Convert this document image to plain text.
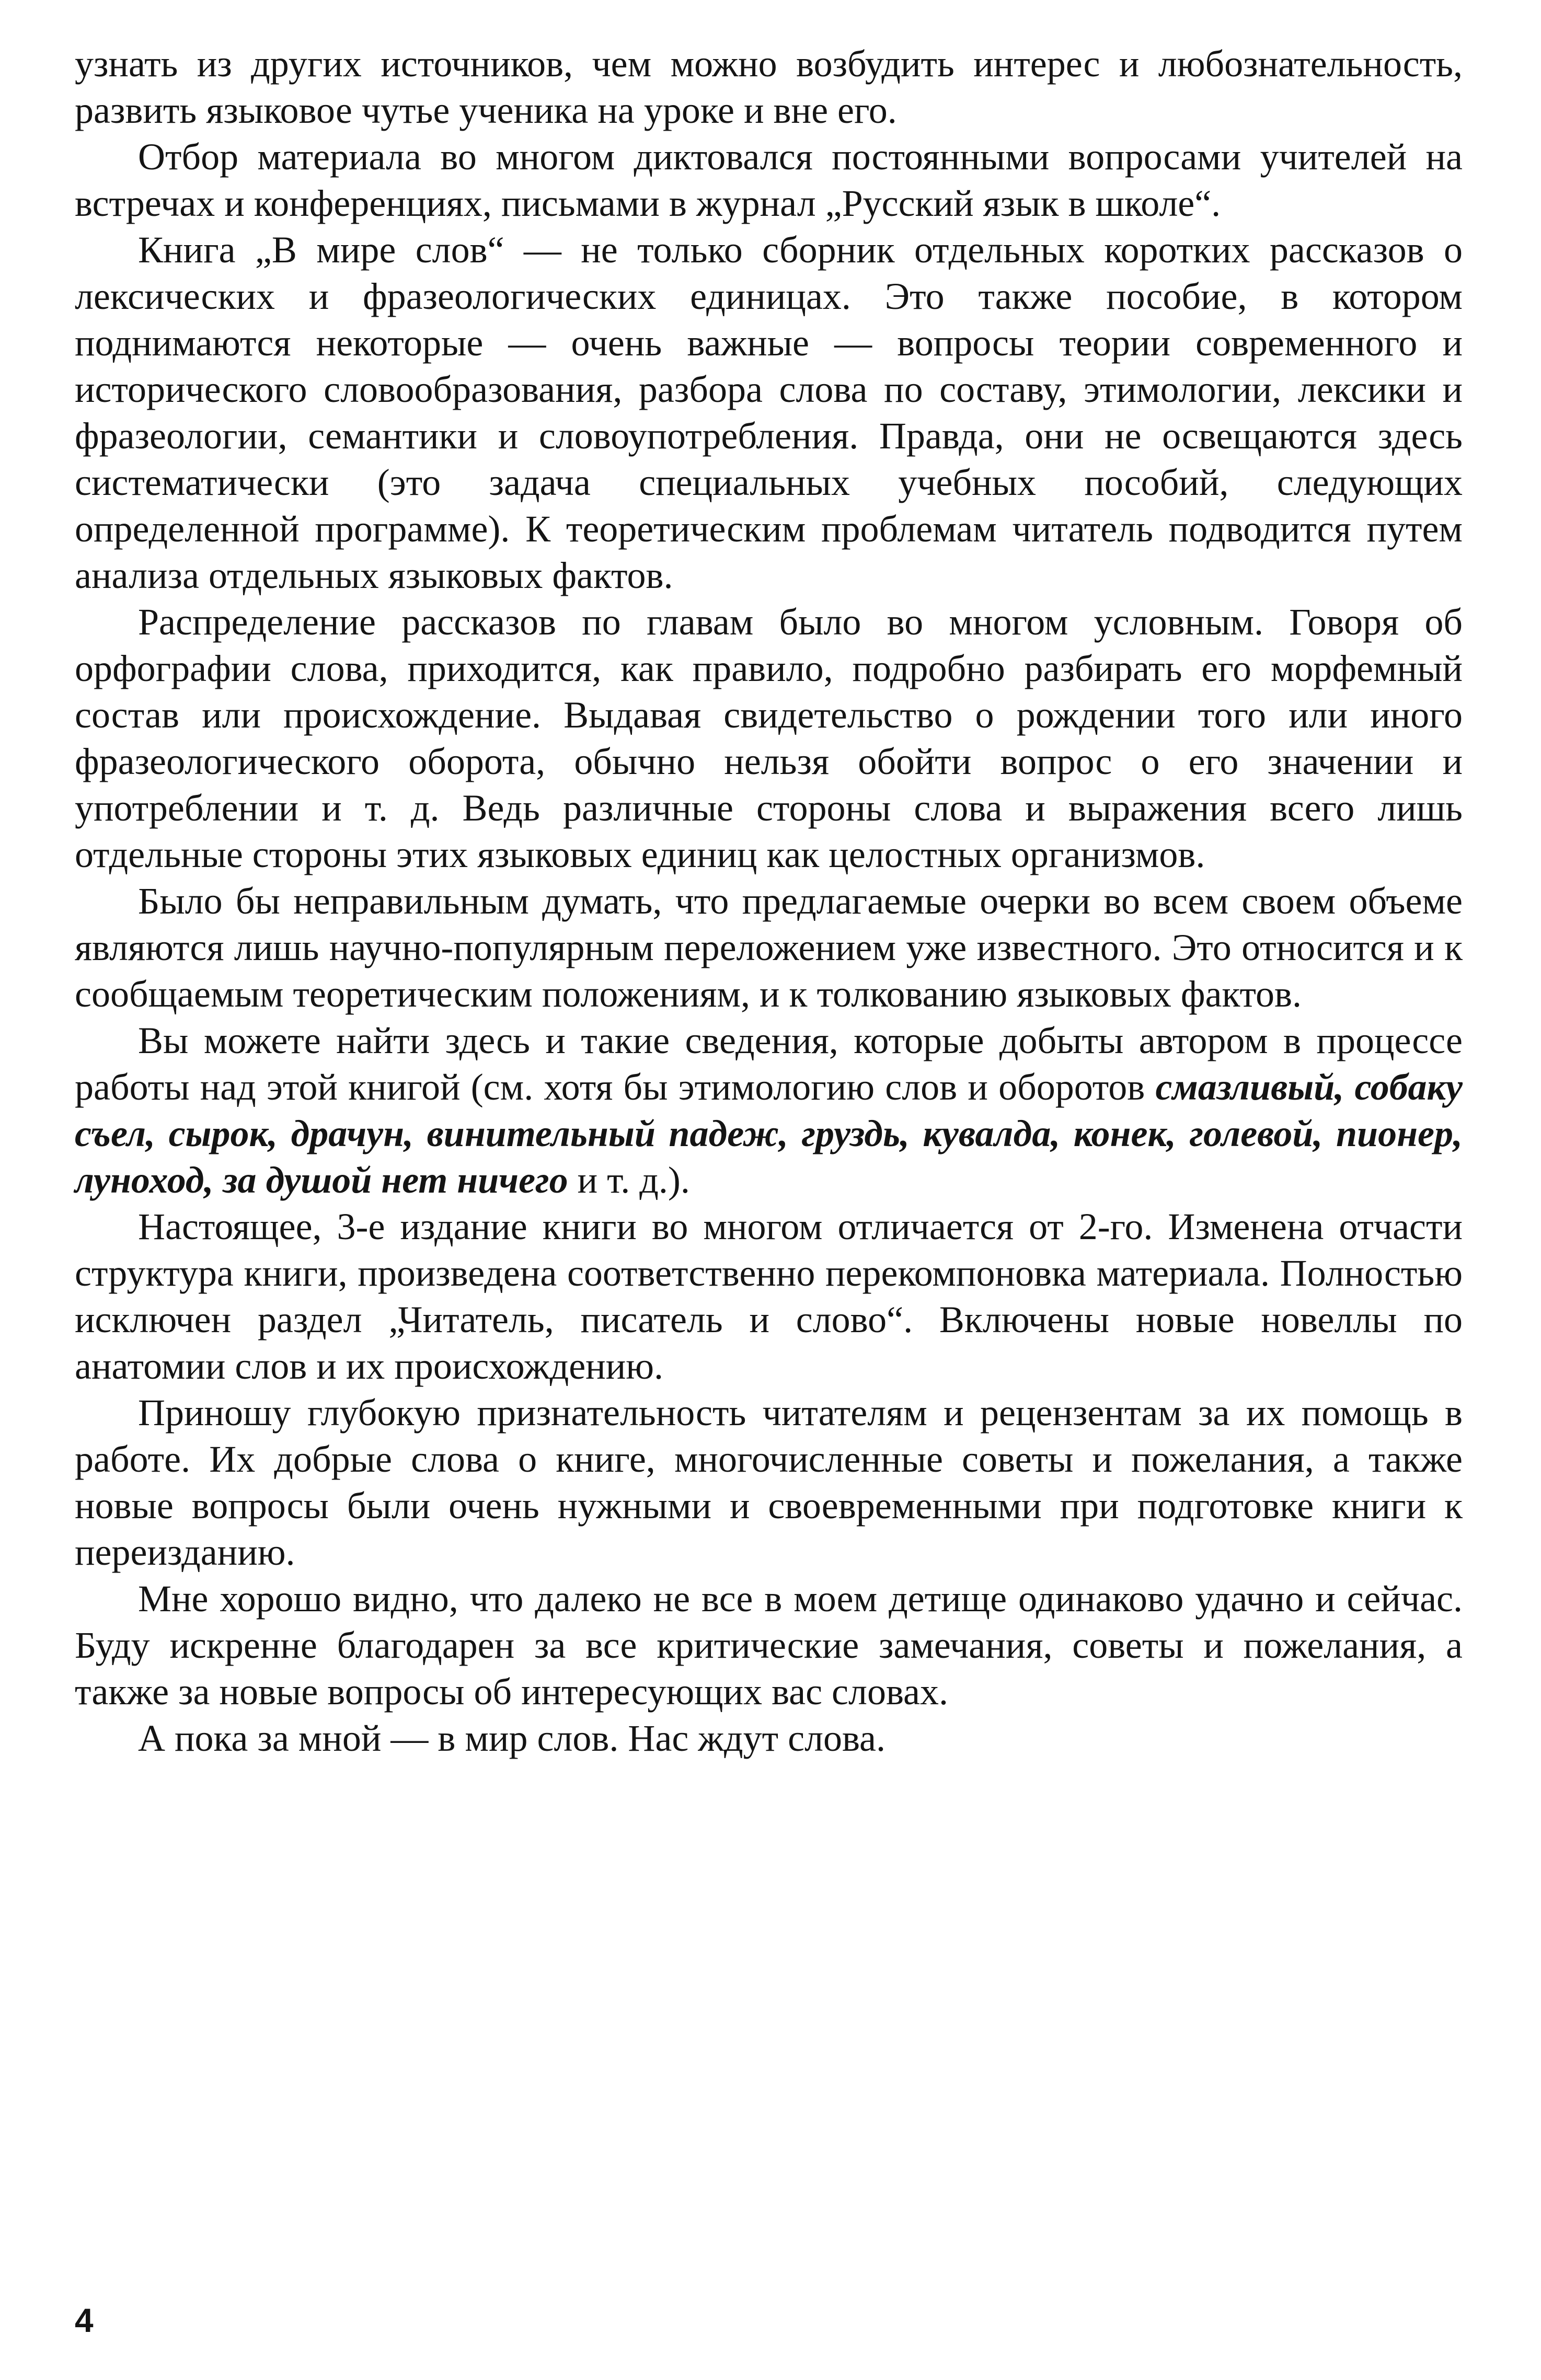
узнать из других источников, чем можно возбудить интерес и любознательность, развить языковое чутье ученика на уроке и вне его.

Отбор материала во многом диктовался постоянными вопросами учителей на встречах и конференциях, письмами в журнал „Русский язык в школе“.

Книга „В мире слов“ — не только сборник отдельных коротких рассказов о лексических и фразеологических единицах. Это также пособие, в котором поднимаются некоторые — очень важные — вопросы теории современного и исторического словообразования, разбора слова по составу, этимологии, лексики и фразеологии, семантики и словоупотребления. Правда, они не освещаются здесь систематически (это задача специальных учебных пособий, следующих определенной программе). К теоретическим проблемам читатель подводится путем анализа отдельных языковых фактов.

Распределение рассказов по главам было во многом условным. Говоря об орфографии слова, приходится, как правило, подробно разбирать его морфемный состав или происхождение. Выдавая свидетельство о рождении того или иного фразеологического оборота, обычно нельзя обойти вопрос о его значении и употреблении и т. д. Ведь различные стороны слова и выражения всего лишь отдельные стороны этих языковых единиц как целостных организмов.

Было бы неправильным думать, что предлагаемые очерки во всем своем объеме являются лишь научно-популярным переложением уже известного. Это относится и к сообщаемым теоретическим положениям, и к толкованию языковых фактов.

Вы можете найти здесь и такие сведения, которые добыты автором в процессе работы над этой книгой (см. хотя бы этимологию слов и оборотов смазливый, собаку съел, сырок, драчун, винительный падеж, груздь, кувалда, конек, голевой, пионер, луноход, за душой нет ничего и т. д.).

Настоящее, 3-е издание книги во многом отличается от 2-го. Изменена отчасти структура книги, произведена соответственно перекомпоновка материала. Полностью исключен раздел „Читатель, писатель и слово“. Включены новые новеллы по анатомии слов и их происхождению.

Приношу глубокую признательность читателям и рецензентам за их помощь в работе. Их добрые слова о книге, многочисленные советы и пожелания, а также новые вопросы были очень нужными и своевременными при подготовке книги к переизданию.

Мне хорошо видно, что далеко не все в моем детище одинаково удачно и сейчас. Буду искренне благодарен за все критические замечания, советы и пожелания, а также за новые вопросы об интересующих вас словах.

А пока за мной — в мир слов. Нас ждут слова.

4
